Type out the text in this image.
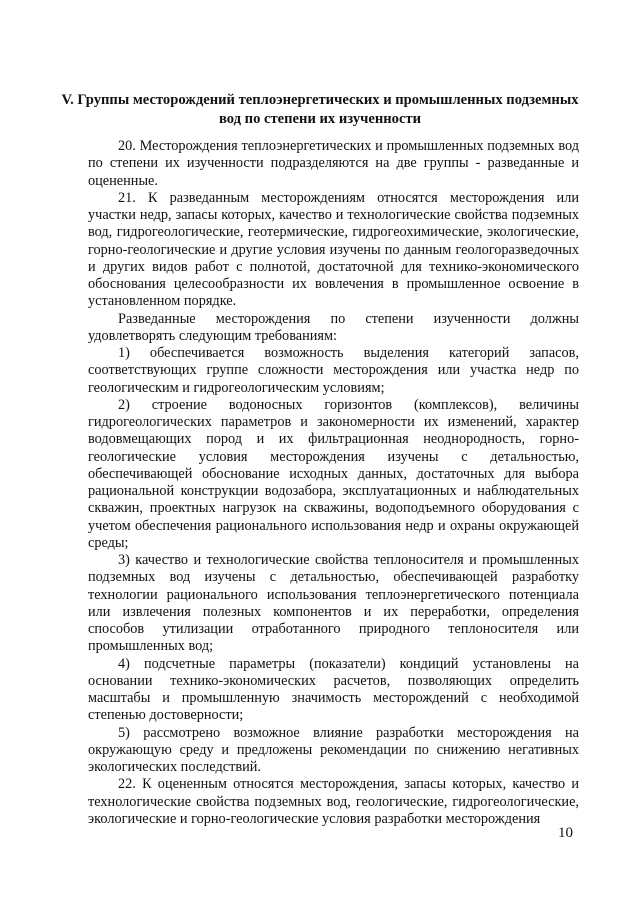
V. Группы месторождений теплоэнергетических и промышленных подземных вод по степени их изученности

20. Месторождения теплоэнергетических и промышленных подземных вод по степени их изученности подразделяются на две группы - разведанные и оцененные.

21. К разведанным месторождениям относятся месторождения или участки недр, запасы которых, качество и технологические свойства подземных вод, гидрогеологические, геотермические, гидрогеохимические, экологические, горно-геологические и другие условия изучены по данным геологоразведочных и других видов работ с полнотой, достаточной для технико-экономического обоснования целесообразности их вовлечения в промышленное освоение в установленном порядке.

Разведанные месторождения по степени изученности должны удовлетворять следующим требованиям:

1) обеспечивается возможность выделения категорий запасов, соответствующих группе сложности месторождения или участка недр по геологическим и гидрогеологическим условиям;

2) строение водоносных горизонтов (комплексов), величины гидрогеологических параметров и закономерности их изменений, характер водовмещающих пород и их фильтрационная неоднородность, горно-геологические условия месторождения изучены с детальностью, обеспечивающей обоснование исходных данных, достаточных для выбора рациональной конструкции водозабора, эксплуатационных и наблюдательных скважин, проектных нагрузок на скважины, водоподъемного оборудования с учетом обеспечения рационального использования недр и охраны окружающей среды;

3) качество и технологические свойства теплоносителя и промышленных подземных вод изучены с детальностью, обеспечивающей разработку технологии рационального использования теплоэнергетического потенциала или извлечения полезных компонентов и их переработки, определения способов утилизации отработанного природного теплоносителя или промышленных вод;

4) подсчетные параметры (показатели) кондиций установлены на основании технико-экономических расчетов, позволяющих определить масштабы и промышленную значимость месторождений с необходимой степенью достоверности;

5) рассмотрено возможное влияние разработки месторождения на окружающую среду и предложены рекомендации по снижению негативных экологических последствий.

22. К оцененным относятся месторождения, запасы которых, качество и технологические свойства подземных вод, геологические, гидрогеологические, экологические и горно-геологические условия разработки месторождения

10
